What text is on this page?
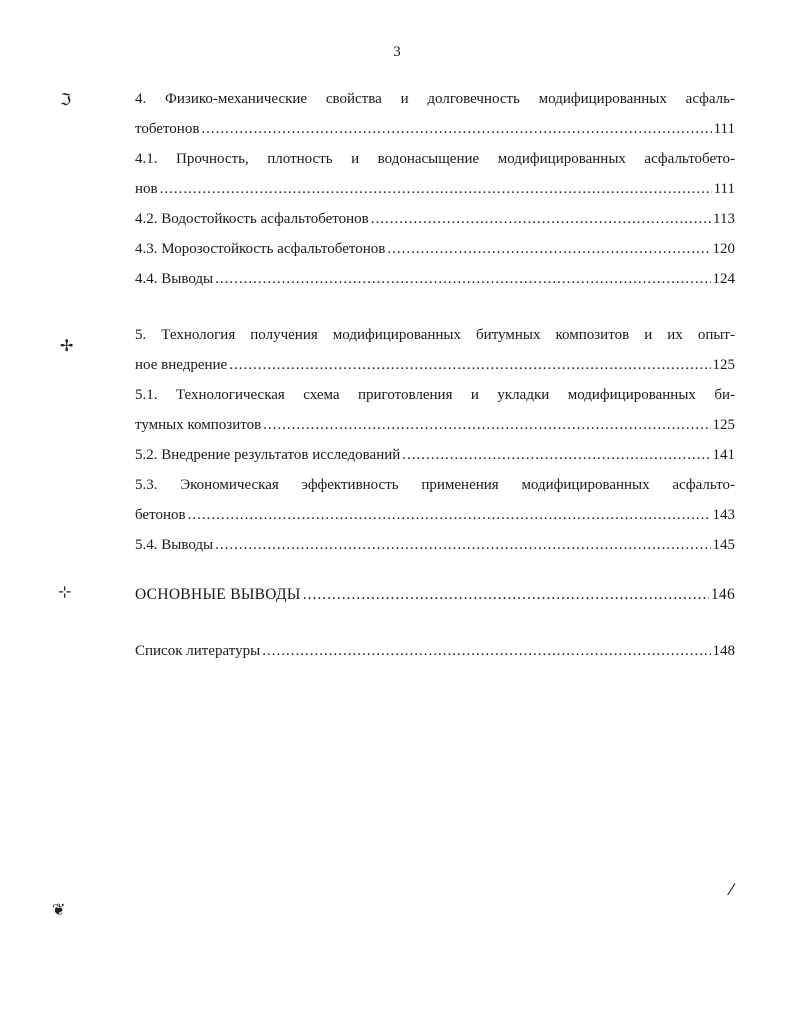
3
ℑ
✢
⊹
❦
⁄
4. Физико-механические свойства и долговечность модифицированных асфаль-
тобетонов .....	111
4.1. Прочность, плотность и водонасыщение модифицированных асфальтобето-
нов .....	111
4.2. Водостойкость асфальтобетонов .....	113
4.3. Морозостойкость асфальтобетонов .....	120
4.4. Выводы .....	124
5. Технология получения модифицированных битумных композитов и их опыт-
ное внедрение .....	125
5.1. Технологическая схема приготовления и укладки модифицированных би-
тумных композитов .....	125
5.2. Внедрение результатов исследований .....	141
5.3. Экономическая эффективность применения модифицированных асфальто-
бетонов .....	143
5.4. Выводы .....	145
ОСНОВНЫЕ ВЫВОДЫ .....	146
Список литературы .....	148
